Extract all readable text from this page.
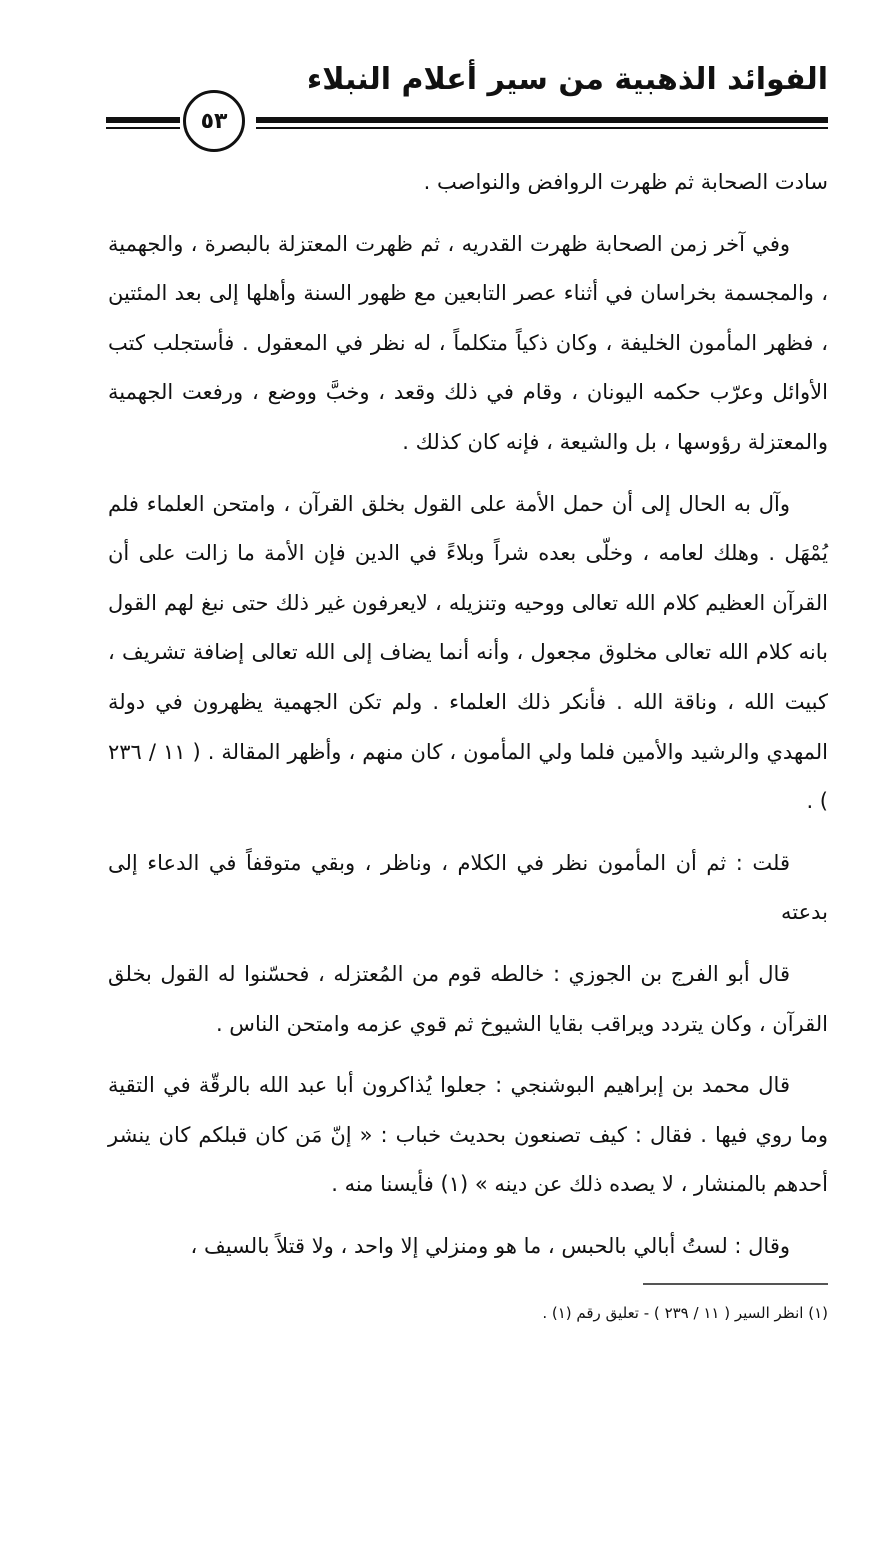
الفوائد الذهبية من سير أعلام النبلاء
٥٣

سادت الصحابة ثم ظهرت الروافض والنواصب .

وفي آخر زمن الصحابة ظهرت القدريه ، ثم ظهرت المعتزلة بالبصرة ، والجهمية ، والمجسمة بخراسان في أثناء عصر التابعين مع ظهور السنة وأهلها إلى بعد المئتين ، فظهر المأمون الخليفة ، وكان ذكياً متكلماً ، له نظر في المعقول . فأستجلب كتب الأوائل وعرّب حكمه اليونان ، وقام في ذلك وقعد ، وخبَّ ووضع ، ورفعت الجهمية والمعتزلة رؤوسها ، بل والشيعة ، فإنه كان كذلك .

وآل به الحال إلى أن حمل الأمة على القول بخلق القرآن ، وامتحن العلماء فلم يُمْهَل . وهلك لعامه ، وخلّى بعده شراً وبلاءً في الدين فإن الأمة ما زالت على أن القرآن العظيم كلام الله تعالى ووحيه وتنزيله ، لايعرفون غير ذلك حتى نبغ لهم القول بانه كلام الله تعالى مخلوق مجعول ، وأنه أنما يضاف إلى الله تعالى إضافة تشريف ، كبيت الله ، وناقة الله . فأنكر ذلك العلماء . ولم تكن الجهمية يظهرون في دولة المهدي والرشيد والأمين فلما ولي المأمون ، كان منهم ، وأظهر المقالة . ( ١١ / ٢٣٦ ) .

قلت : ثم أن المأمون نظر في الكلام ، وناظر ، وبقي متوقفاً في الدعاء إلى بدعته

قال أبو الفرج بن الجوزي : خالطه قوم من المُعتزله ، فحسّنوا له القول بخلق القرآن ، وكان يتردد ويراقب بقايا الشيوخ ثم قوي عزمه وامتحن الناس .

قال محمد بن إبراهيم البوشنجي : جعلوا يُذاكرون أبا عبد الله بالرقّة في التقية وما روي فيها . فقال : كيف تصنعون بحديث خباب : « إنّ مَن كان قبلكم كان ينشر أحدهم بالمنشار ، لا يصده ذلك عن دينه » (١) فأيسنا منه .

وقال : لستُ أبالي بالحبس ، ما هو ومنزلي إلا واحد ، ولا قتلاً بالسيف ،

(١) انظر السير ( ١١ / ٢٣٩ ) - تعليق رقم (١) .
